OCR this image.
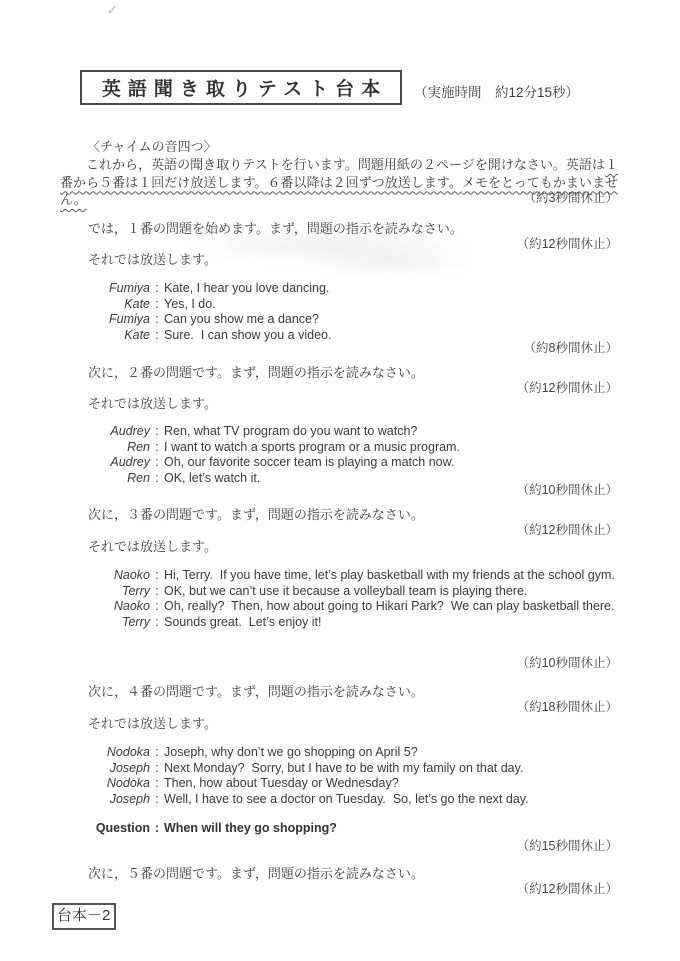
✓
英語聞き取りテスト台本 （実施時間　約12分15秒）
〈チャイムの音四つ〉
これから，英語の聞き取りテストを行います。問題用紙の２ページを開けなさい。英語は１番から５番は１回だけ放送します。６番以降は２回ずつ放送します。メモをとってもかまいません。	（約3秒間休止）
では，１番の問題を始めます。まず，問題の指示を読みなさい。
（約12秒間休止）
それでは放送します。
Fumiya : Kate, I hear you love dancing.
Kate : Yes, I do.
Fumiya : Can you show me a dance?
Kate : Sure.  I can show you a video.
（約8秒間休止）
次に，２番の問題です。まず，問題の指示を読みなさい。
（約12秒間休止）
それでは放送します。
Audrey : Ren, what TV program do you want to watch?
Ren : I want to watch a sports program or a music program.
Audrey : Oh, our favorite soccer team is playing a match now.
Ren : OK, let’s watch it.
（約10秒間休止）
次に，３番の問題です。まず，問題の指示を読みなさい。
（約12秒間休止）
それでは放送します。
Naoko : Hi, Terry.  If you have time, let’s play basketball with my friends at the school gym.
Terry : OK, but we can’t use it because a volleyball team is playing there.
Naoko : Oh, really?  Then, how about going to Hikari Park?  We can play basketball there.
Terry : Sounds great.  Let’s enjoy it!
（約10秒間休止）
次に，４番の問題です。まず，問題の指示を読みなさい。
（約18秒間休止）
それでは放送します。
Nodoka : Joseph, why don’t we go shopping on April 5?
Joseph : Next Monday?  Sorry, but I have to be with my family on that day.
Nodoka : Then, how about Tuesday or Wednesday?
Joseph : Well, I have to see a doctor on Tuesday.  So, let’s go the next day.
Question : When will they go shopping?
（約15秒間休止）
次に，５番の問題です。まず，問題の指示を読みなさい。
（約12秒間休止）
台本－2
